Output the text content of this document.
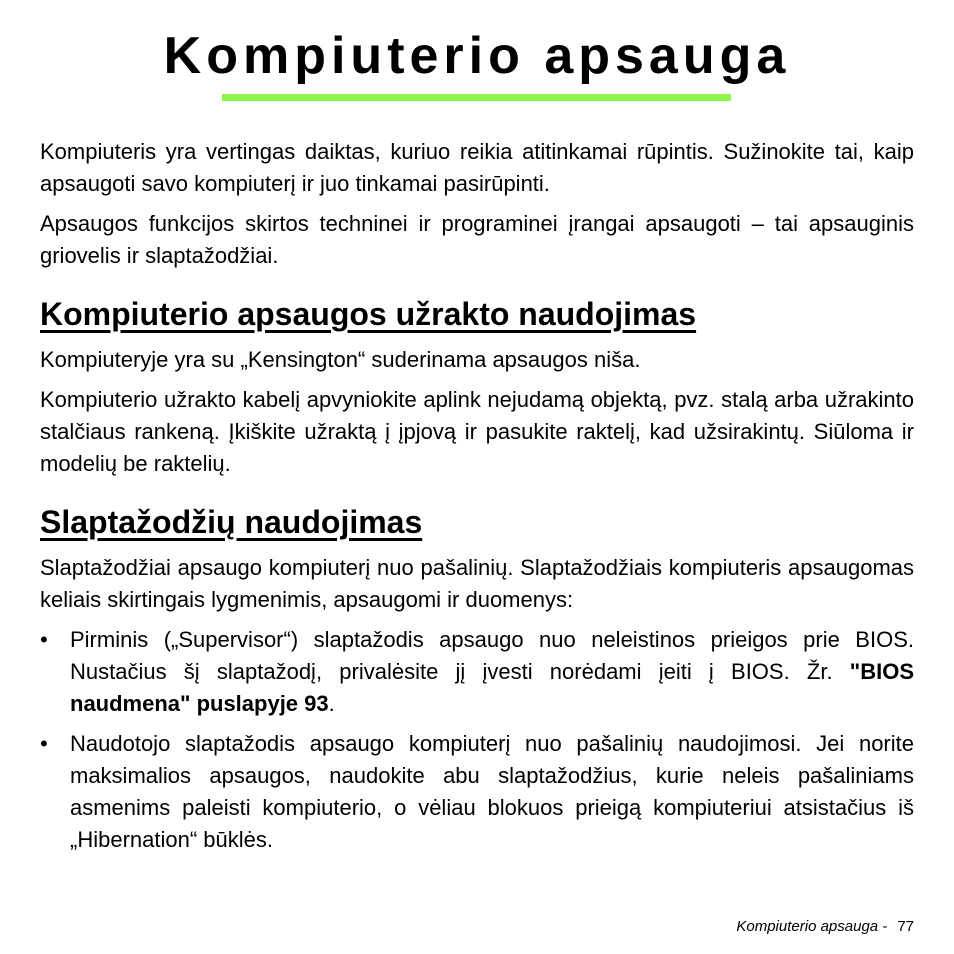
Kompiuterio apsauga

Kompiuteris yra vertingas daiktas, kuriuo reikia atitinkamai rūpintis. Sužinokite tai, kaip apsaugoti savo kompiuterį ir juo tinkamai pasirūpinti.

Apsaugos funkcijos skirtos techninei ir programinei įrangai apsaugoti – tai apsauginis griovelis ir slaptažodžiai.

Kompiuterio apsaugos užrakto naudojimas

Kompiuteryje yra su „Kensington“ suderinama apsaugos niša.

Kompiuterio užrakto kabelį apvyniokite aplink nejudamą objektą, pvz. stalą arba užrakinto stalčiaus rankeną. Įkiškite užraktą į įpjovą ir pasukite raktelį, kad užsirakintų. Siūloma ir modelių be raktelių.

Slaptažodžių naudojimas

Slaptažodžiai apsaugo kompiuterį nuo pašalinių. Slaptažodžiais kompiuteris apsaugomas keliais skirtingais lygmenimis, apsaugomi ir duomenys:

• Pirminis („Supervisor“) slaptažodis apsaugo nuo neleistinos prieigos prie BIOS. Nustačius šį slaptažodį, privalėsite jį įvesti norėdami įeiti į BIOS. Žr. "BIOS naudmena" puslapyje 93.

• Naudotojo slaptažodis apsaugo kompiuterį nuo pašalinių naudojimosi. Jei norite maksimalios apsaugos, naudokite abu slaptažodžius, kurie neleis pašaliniams asmenims paleisti kompiuterio, o vėliau blokuos prieigą kompiuteriui atsistačius iš „Hibernation“ būklės.

Kompiuterio apsauga - 77
